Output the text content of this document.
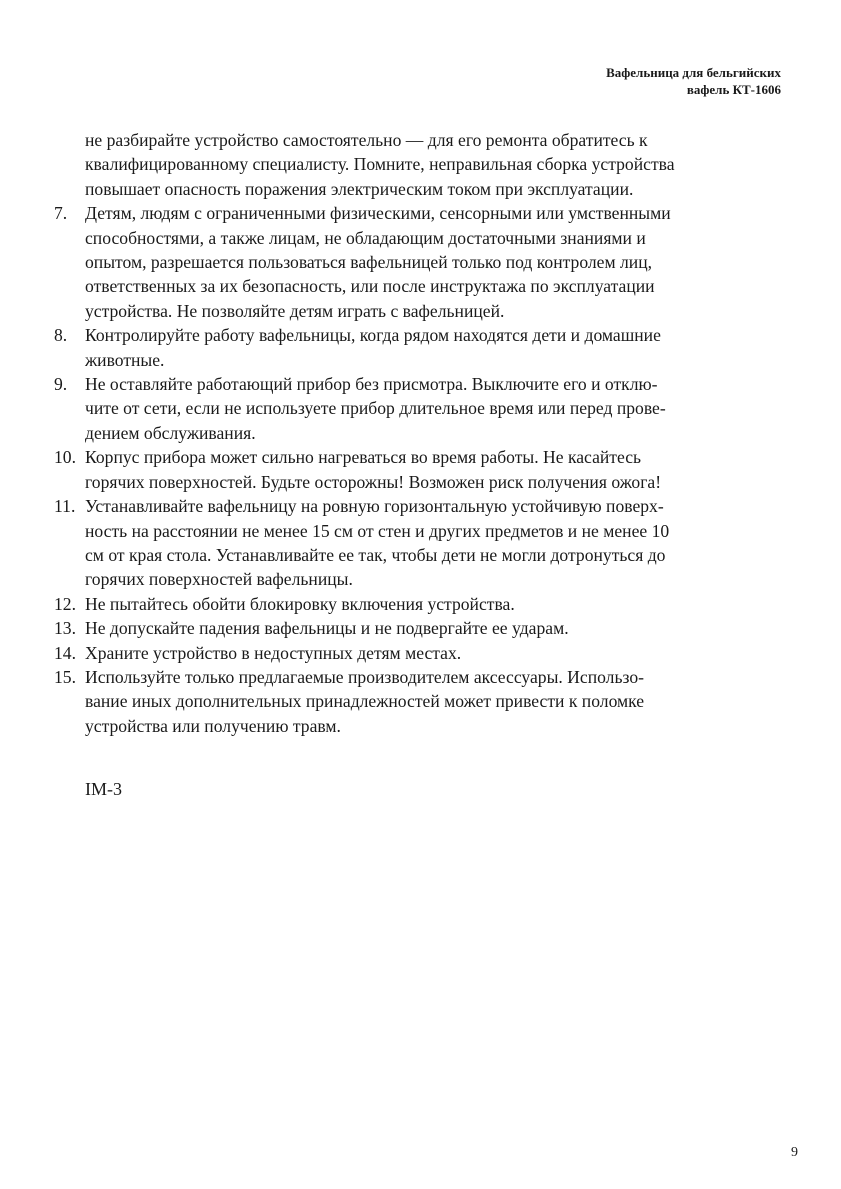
Вафельница для бельгийских
вафель КТ-1606
не разбирайте устройство самостоятельно — для его ремонта обратитесь к
квалифицированному специалисту. Помните, неправильная сборка устройства
повышает опасность поражения электрическим током при эксплуатации.
7.	Детям, людям с ограниченными физическими, сенсорными или умственными
способностями, а также лицам, не обладающим достаточными знаниями и
опытом, разрешается пользоваться вафельницей только под контролем лиц,
ответственных за их безопасность, или после инструктажа по эксплуатации
устройства. Не позволяйте детям играть с вафельницей.
8.	Контролируйте работу вафельницы, когда рядом находятся дети и домашние
животные.
9.	Не оставляйте работающий прибор без присмотра. Выключите его и отклю-
чите от сети, если не используете прибор длительное время или перед прове-
дением обслуживания.
10. Корпус прибора может сильно нагреваться во время работы. Не касайтесь
горячих поверхностей. Будьте осторожны! Возможен риск получения ожога!
11. Устанавливайте вафельницу на ровную горизонтальную устойчивую поверх-
ность на расстоянии не менее 15 см от стен и других предметов и не менее 10
см от края стола. Устанавливайте ее так, чтобы дети не могли дотронуться до
горячих поверхностей вафельницы.
12. Не пытайтесь обойти блокировку включения устройства.
13. Не допускайте падения вафельницы и не подвергайте ее ударам.
14. Храните устройство в недоступных детям местах.
15. Используйте только предлагаемые производителем аксессуары. Использо-
вание иных дополнительных принадлежностей может привести к поломке
устройства или получению травм.
IM-3
9
